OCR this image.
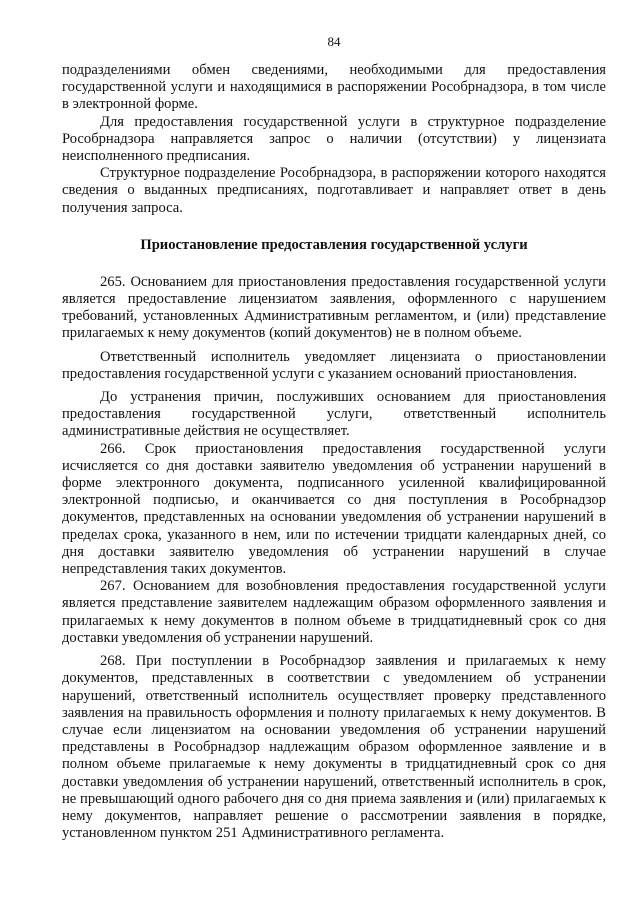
84

подразделениями обмен сведениями, необходимыми для предоставления государственной услуги и находящимися в распоряжении Рособрнадзора, в том числе в электронной форме.

Для предоставления государственной услуги в структурное подразделение Рособрнадзора направляется запрос о наличии (отсутствии) у лицензиата неисполненного предписания.

Структурное подразделение Рособрнадзора, в распоряжении которого находятся сведения о выданных предписаниях, подготавливает и направляет ответ в день получения запроса.

Приостановление предоставления государственной услуги

265. Основанием для приостановления предоставления государственной услуги является предоставление лицензиатом заявления, оформленного с нарушением требований, установленных Административным регламентом, и (или) представление прилагаемых к нему документов (копий документов) не в полном объеме.

Ответственный исполнитель уведомляет лицензиата о приостановлении предоставления государственной услуги с указанием оснований приостановления.

До устранения причин, послуживших основанием для приостановления предоставления государственной услуги, ответственный исполнитель административные действия не осуществляет.

266. Срок приостановления предоставления государственной услуги исчисляется со дня доставки заявителю уведомления об устранении нарушений в форме электронного документа, подписанного усиленной квалифицированной электронной подписью, и оканчивается со дня поступления в Рособрнадзор документов, представленных на основании уведомления об устранении нарушений в пределах срока, указанного в нем, или по истечении тридцати календарных дней, со дня доставки заявителю уведомления об устранении нарушений в случае непредставления таких документов.

267. Основанием для возобновления предоставления государственной услуги является представление заявителем надлежащим образом оформленного заявления и прилагаемых к нему документов в полном объеме в тридцатидневный срок со дня доставки уведомления об устранении нарушений.

268. При поступлении в Рособрнадзор заявления и прилагаемых к нему документов, представленных в соответствии с уведомлением об устранении нарушений, ответственный исполнитель осуществляет проверку представленного заявления на правильность оформления и полноту прилагаемых к нему документов. В случае если лицензиатом на основании уведомления об устранении нарушений представлены в Рособрнадзор надлежащим образом оформленное заявление и в полном объеме прилагаемые к нему документы в тридцатидневный срок со дня доставки уведомления об устранении нарушений, ответственный исполнитель в срок, не превышающий одного рабочего дня со дня приема заявления и (или) прилагаемых к нему документов, направляет решение о рассмотрении заявления в порядке, установленном пунктом 251 Административного регламента.
